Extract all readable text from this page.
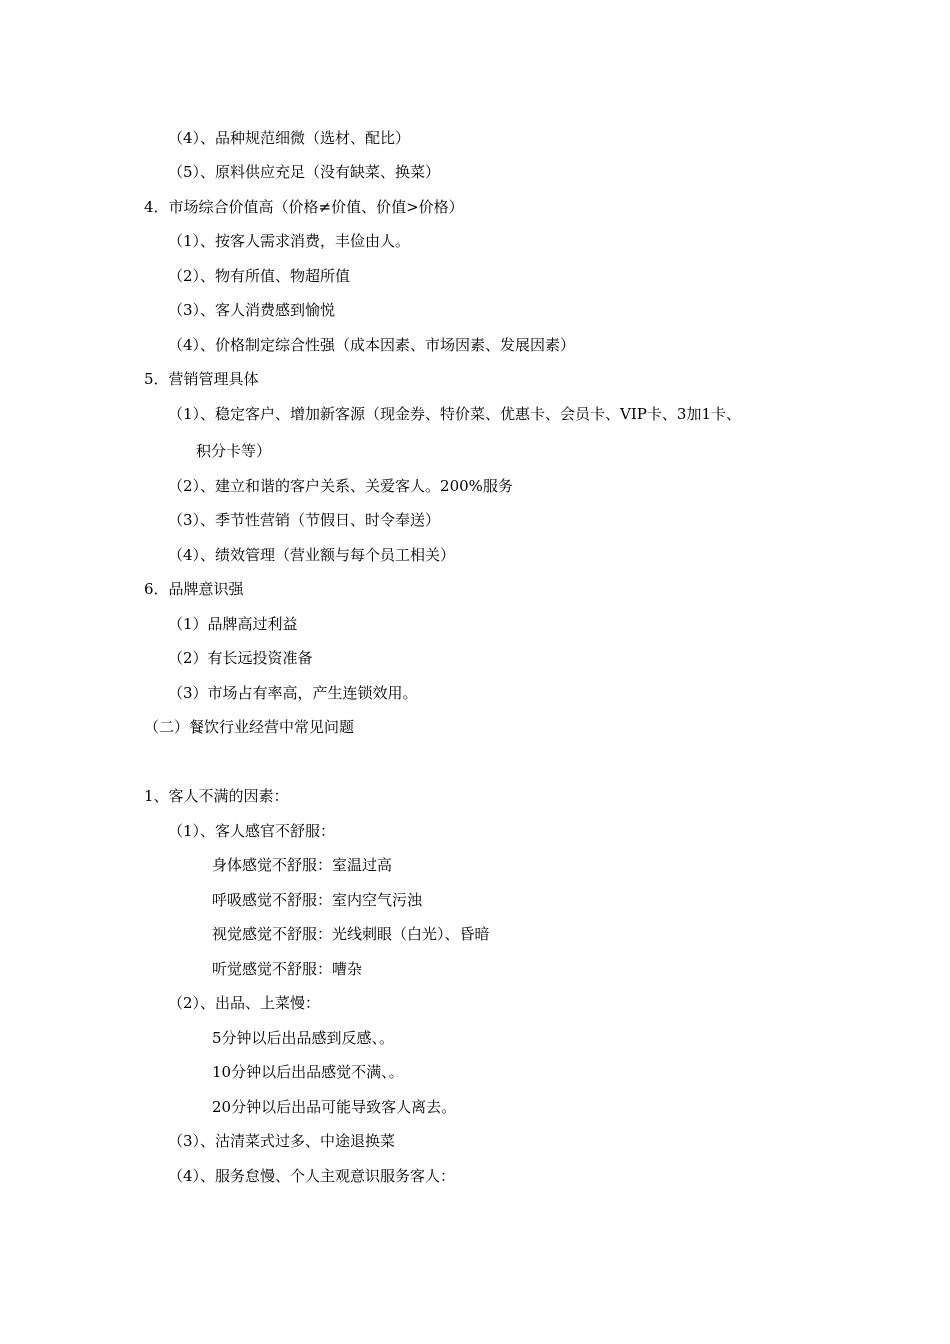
（4）、品种规范细微（选材、配比）
（5）、原料供应充足（没有缺菜、换菜）
4．市场综合价值高（价格≠价值、价值>价格）
（1）、按客人需求消费，丰俭由人。
（2）、物有所值、物超所值
（3）、客人消费感到愉悦
（4）、价格制定综合性强（成本因素、市场因素、发展因素）
5．营销管理具体
（1）、稳定客户、增加新客源（现金券、特价菜、优惠卡、会员卡、VIP卡、3加1卡、
积分卡等）
（2）、建立和谐的客户关系、关爱客人。200%服务
（3）、季节性营销（节假日、时令奉送）
（4）、绩效管理（营业额与每个员工相关）
6．品牌意识强
（1）品牌高过利益
（2）有长远投资准备
（3）市场占有率高，产生连锁效用。
（二）餐饮行业经营中常见问题
1、客人不满的因素：
（1）、客人感官不舒服：
身体感觉不舒服：室温过高
呼吸感觉不舒服：室内空气污浊
视觉感觉不舒服：光线刺眼（白光）、昏暗
听觉感觉不舒服：嘈杂
（2）、出品、上菜慢：
5分钟以后出品感到反感、。
10分钟以后出品感觉不满、。
20分钟以后出品可能导致客人离去。
（3）、沽清菜式过多、中途退换菜
（4）、服务怠慢、个人主观意识服务客人：
